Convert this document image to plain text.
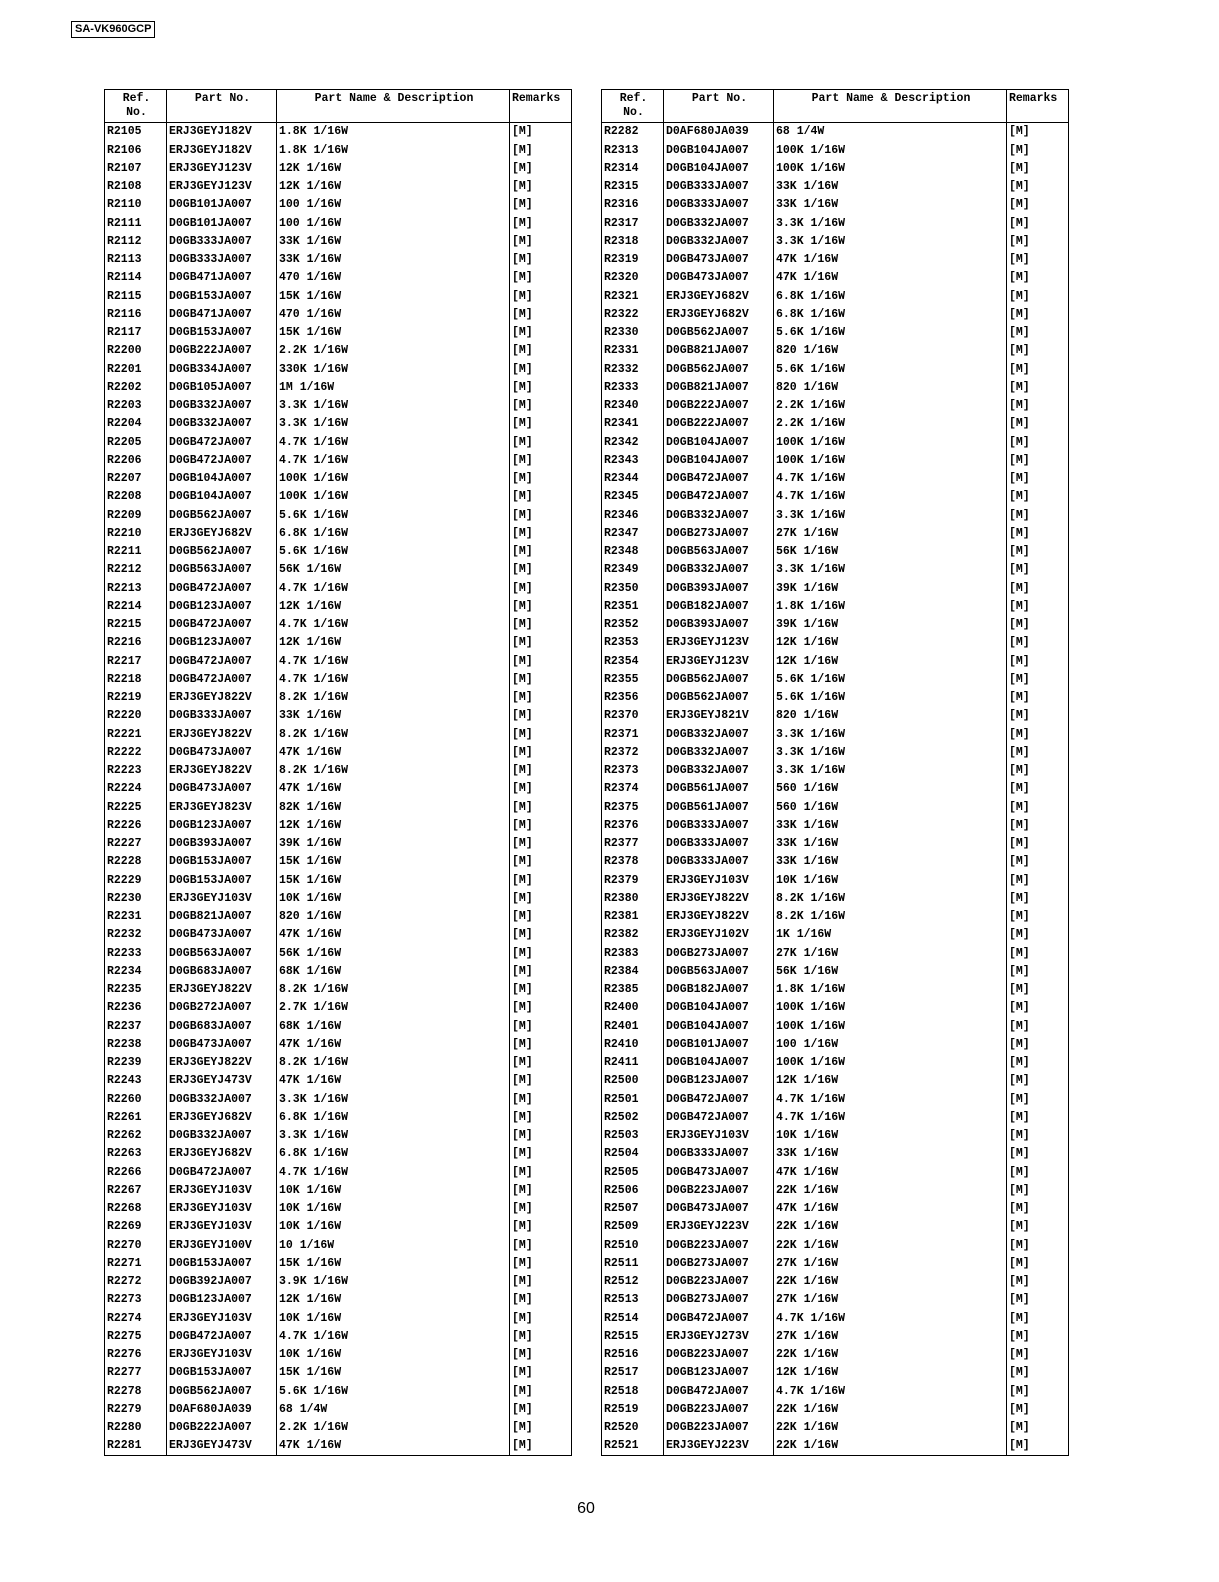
SA-VK960GCP
Ref.
No.	Part No.	Part Name & Description	Remarks
R2105	ERJ3GEYJ182V	1.8K 1/16W	[M]
R2106	ERJ3GEYJ182V	1.8K 1/16W	[M]
R2107	ERJ3GEYJ123V	12K 1/16W	[M]
R2108	ERJ3GEYJ123V	12K 1/16W	[M]
R2110	D0GB101JA007	100 1/16W	[M]
R2111	D0GB101JA007	100 1/16W	[M]
R2112	D0GB333JA007	33K 1/16W	[M]
R2113	D0GB333JA007	33K 1/16W	[M]
R2114	D0GB471JA007	470 1/16W	[M]
R2115	D0GB153JA007	15K 1/16W	[M]
R2116	D0GB471JA007	470 1/16W	[M]
R2117	D0GB153JA007	15K 1/16W	[M]
R2200	D0GB222JA007	2.2K 1/16W	[M]
R2201	D0GB334JA007	330K 1/16W	[M]
R2202	D0GB105JA007	1M 1/16W	[M]
R2203	D0GB332JA007	3.3K 1/16W	[M]
R2204	D0GB332JA007	3.3K 1/16W	[M]
R2205	D0GB472JA007	4.7K 1/16W	[M]
R2206	D0GB472JA007	4.7K 1/16W	[M]
R2207	D0GB104JA007	100K 1/16W	[M]
R2208	D0GB104JA007	100K 1/16W	[M]
R2209	D0GB562JA007	5.6K 1/16W	[M]
R2210	ERJ3GEYJ682V	6.8K 1/16W	[M]
R2211	D0GB562JA007	5.6K 1/16W	[M]
R2212	D0GB563JA007	56K 1/16W	[M]
R2213	D0GB472JA007	4.7K 1/16W	[M]
R2214	D0GB123JA007	12K 1/16W	[M]
R2215	D0GB472JA007	4.7K 1/16W	[M]
R2216	D0GB123JA007	12K 1/16W	[M]
R2217	D0GB472JA007	4.7K 1/16W	[M]
R2218	D0GB472JA007	4.7K 1/16W	[M]
R2219	ERJ3GEYJ822V	8.2K 1/16W	[M]
R2220	D0GB333JA007	33K 1/16W	[M]
R2221	ERJ3GEYJ822V	8.2K 1/16W	[M]
R2222	D0GB473JA007	47K 1/16W	[M]
R2223	ERJ3GEYJ822V	8.2K 1/16W	[M]
R2224	D0GB473JA007	47K 1/16W	[M]
R2225	ERJ3GEYJ823V	82K 1/16W	[M]
R2226	D0GB123JA007	12K 1/16W	[M]
R2227	D0GB393JA007	39K 1/16W	[M]
R2228	D0GB153JA007	15K 1/16W	[M]
R2229	D0GB153JA007	15K 1/16W	[M]
R2230	ERJ3GEYJ103V	10K 1/16W	[M]
R2231	D0GB821JA007	820 1/16W	[M]
R2232	D0GB473JA007	47K 1/16W	[M]
R2233	D0GB563JA007	56K 1/16W	[M]
R2234	D0GB683JA007	68K 1/16W	[M]
R2235	ERJ3GEYJ822V	8.2K 1/16W	[M]
R2236	D0GB272JA007	2.7K 1/16W	[M]
R2237	D0GB683JA007	68K 1/16W	[M]
R2238	D0GB473JA007	47K 1/16W	[M]
R2239	ERJ3GEYJ822V	8.2K 1/16W	[M]
R2243	ERJ3GEYJ473V	47K 1/16W	[M]
R2260	D0GB332JA007	3.3K 1/16W	[M]
R2261	ERJ3GEYJ682V	6.8K 1/16W	[M]
R2262	D0GB332JA007	3.3K 1/16W	[M]
R2263	ERJ3GEYJ682V	6.8K 1/16W	[M]
R2266	D0GB472JA007	4.7K 1/16W	[M]
R2267	ERJ3GEYJ103V	10K 1/16W	[M]
R2268	ERJ3GEYJ103V	10K 1/16W	[M]
R2269	ERJ3GEYJ103V	10K 1/16W	[M]
R2270	ERJ3GEYJ100V	10 1/16W	[M]
R2271	D0GB153JA007	15K 1/16W	[M]
R2272	D0GB392JA007	3.9K 1/16W	[M]
R2273	D0GB123JA007	12K 1/16W	[M]
R2274	ERJ3GEYJ103V	10K 1/16W	[M]
R2275	D0GB472JA007	4.7K 1/16W	[M]
R2276	ERJ3GEYJ103V	10K 1/16W	[M]
R2277	D0GB153JA007	15K 1/16W	[M]
R2278	D0GB562JA007	5.6K 1/16W	[M]
R2279	D0AF680JA039	68 1/4W	[M]
R2280	D0GB222JA007	2.2K 1/16W	[M]
R2281	ERJ3GEYJ473V	47K 1/16W	[M]
Ref.
No.	Part No.	Part Name & Description	Remarks
R2282	D0AF680JA039	68 1/4W	[M]
R2313	D0GB104JA007	100K 1/16W	[M]
R2314	D0GB104JA007	100K 1/16W	[M]
R2315	D0GB333JA007	33K 1/16W	[M]
R2316	D0GB333JA007	33K 1/16W	[M]
R2317	D0GB332JA007	3.3K 1/16W	[M]
R2318	D0GB332JA007	3.3K 1/16W	[M]
R2319	D0GB473JA007	47K 1/16W	[M]
R2320	D0GB473JA007	47K 1/16W	[M]
R2321	ERJ3GEYJ682V	6.8K 1/16W	[M]
R2322	ERJ3GEYJ682V	6.8K 1/16W	[M]
R2330	D0GB562JA007	5.6K 1/16W	[M]
R2331	D0GB821JA007	820 1/16W	[M]
R2332	D0GB562JA007	5.6K 1/16W	[M]
R2333	D0GB821JA007	820 1/16W	[M]
R2340	D0GB222JA007	2.2K 1/16W	[M]
R2341	D0GB222JA007	2.2K 1/16W	[M]
R2342	D0GB104JA007	100K 1/16W	[M]
R2343	D0GB104JA007	100K 1/16W	[M]
R2344	D0GB472JA007	4.7K 1/16W	[M]
R2345	D0GB472JA007	4.7K 1/16W	[M]
R2346	D0GB332JA007	3.3K 1/16W	[M]
R2347	D0GB273JA007	27K 1/16W	[M]
R2348	D0GB563JA007	56K 1/16W	[M]
R2349	D0GB332JA007	3.3K 1/16W	[M]
R2350	D0GB393JA007	39K 1/16W	[M]
R2351	D0GB182JA007	1.8K 1/16W	[M]
R2352	D0GB393JA007	39K 1/16W	[M]
R2353	ERJ3GEYJ123V	12K 1/16W	[M]
R2354	ERJ3GEYJ123V	12K 1/16W	[M]
R2355	D0GB562JA007	5.6K 1/16W	[M]
R2356	D0GB562JA007	5.6K 1/16W	[M]
R2370	ERJ3GEYJ821V	820 1/16W	[M]
R2371	D0GB332JA007	3.3K 1/16W	[M]
R2372	D0GB332JA007	3.3K 1/16W	[M]
R2373	D0GB332JA007	3.3K 1/16W	[M]
R2374	D0GB561JA007	560 1/16W	[M]
R2375	D0GB561JA007	560 1/16W	[M]
R2376	D0GB333JA007	33K 1/16W	[M]
R2377	D0GB333JA007	33K 1/16W	[M]
R2378	D0GB333JA007	33K 1/16W	[M]
R2379	ERJ3GEYJ103V	10K 1/16W	[M]
R2380	ERJ3GEYJ822V	8.2K 1/16W	[M]
R2381	ERJ3GEYJ822V	8.2K 1/16W	[M]
R2382	ERJ3GEYJ102V	1K 1/16W	[M]
R2383	D0GB273JA007	27K 1/16W	[M]
R2384	D0GB563JA007	56K 1/16W	[M]
R2385	D0GB182JA007	1.8K 1/16W	[M]
R2400	D0GB104JA007	100K 1/16W	[M]
R2401	D0GB104JA007	100K 1/16W	[M]
R2410	D0GB101JA007	100 1/16W	[M]
R2411	D0GB104JA007	100K 1/16W	[M]
R2500	D0GB123JA007	12K 1/16W	[M]
R2501	D0GB472JA007	4.7K 1/16W	[M]
R2502	D0GB472JA007	4.7K 1/16W	[M]
R2503	ERJ3GEYJ103V	10K 1/16W	[M]
R2504	D0GB333JA007	33K 1/16W	[M]
R2505	D0GB473JA007	47K 1/16W	[M]
R2506	D0GB223JA007	22K 1/16W	[M]
R2507	D0GB473JA007	47K 1/16W	[M]
R2509	ERJ3GEYJ223V	22K 1/16W	[M]
R2510	D0GB223JA007	22K 1/16W	[M]
R2511	D0GB273JA007	27K 1/16W	[M]
R2512	D0GB223JA007	22K 1/16W	[M]
R2513	D0GB273JA007	27K 1/16W	[M]
R2514	D0GB472JA007	4.7K 1/16W	[M]
R2515	ERJ3GEYJ273V	27K 1/16W	[M]
R2516	D0GB223JA007	22K 1/16W	[M]
R2517	D0GB123JA007	12K 1/16W	[M]
R2518	D0GB472JA007	4.7K 1/16W	[M]
R2519	D0GB223JA007	22K 1/16W	[M]
R2520	D0GB223JA007	22K 1/16W	[M]
R2521	ERJ3GEYJ223V	22K 1/16W	[M]
60
